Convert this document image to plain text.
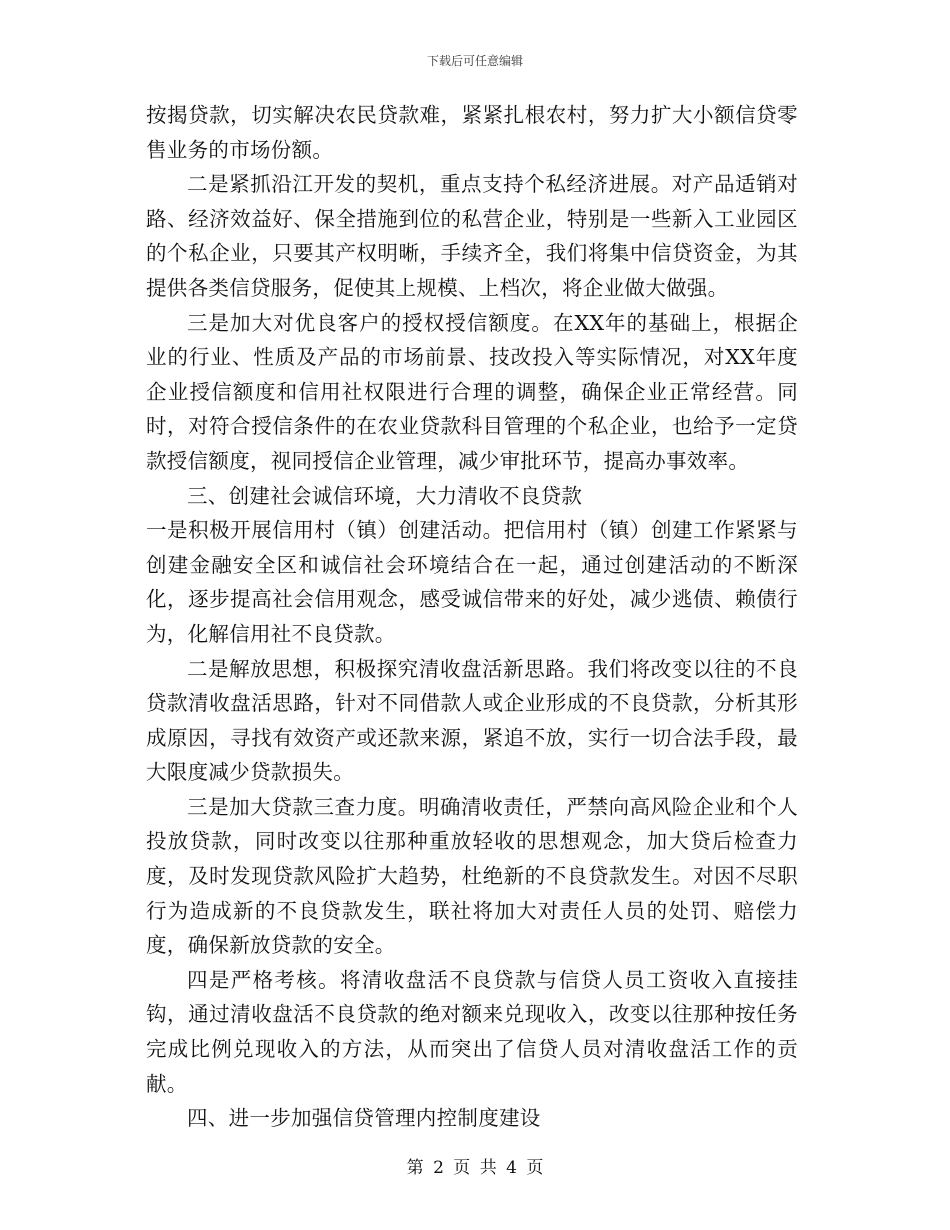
下载后可任意编辑

按揭贷款，切实解决农民贷款难，紧紧扎根农村，努力扩大小额信贷零售业务的市场份额。

二是紧抓沿江开发的契机，重点支持个私经济进展。对产品适销对路、经济效益好、保全措施到位的私营企业，特别是一些新入工业园区的个私企业，只要其产权明晰，手续齐全，我们将集中信贷资金，为其提供各类信贷服务，促使其上规模、上档次，将企业做大做强。

三是加大对优良客户的授权授信额度。在XX年的基础上，根据企业的行业、性质及产品的市场前景、技改投入等实际情况，对XX年度企业授信额度和信用社权限进行合理的调整，确保企业正常经营。同时，对符合授信条件的在农业贷款科目管理的个私企业，也给予一定贷款授信额度，视同授信企业管理，减少审批环节，提高办事效率。

三、创建社会诚信环境，大力清收不良贷款

一是积极开展信用村（镇）创建活动。把信用村（镇）创建工作紧紧与创建金融安全区和诚信社会环境结合在一起，通过创建活动的不断深化，逐步提高社会信用观念，感受诚信带来的好处，减少逃债、赖债行为，化解信用社不良贷款。

二是解放思想，积极探究清收盘活新思路。我们将改变以往的不良贷款清收盘活思路，针对不同借款人或企业形成的不良贷款，分析其形成原因，寻找有效资产或还款来源，紧追不放，实行一切合法手段，最大限度减少贷款损失。

三是加大贷款三查力度。明确清收责任，严禁向高风险企业和个人投放贷款，同时改变以往那种重放轻收的思想观念，加大贷后检查力度，及时发现贷款风险扩大趋势，杜绝新的不良贷款发生。对因不尽职行为造成新的不良贷款发生，联社将加大对责任人员的处罚、赔偿力度，确保新放贷款的安全。

四是严格考核。将清收盘活不良贷款与信贷人员工资收入直接挂钩，通过清收盘活不良贷款的绝对额来兑现收入，改变以往那种按任务完成比例兑现收入的方法，从而突出了信贷人员对清收盘活工作的贡献。

四、进一步加强信贷管理内控制度建设

第 2 页 共 4 页
